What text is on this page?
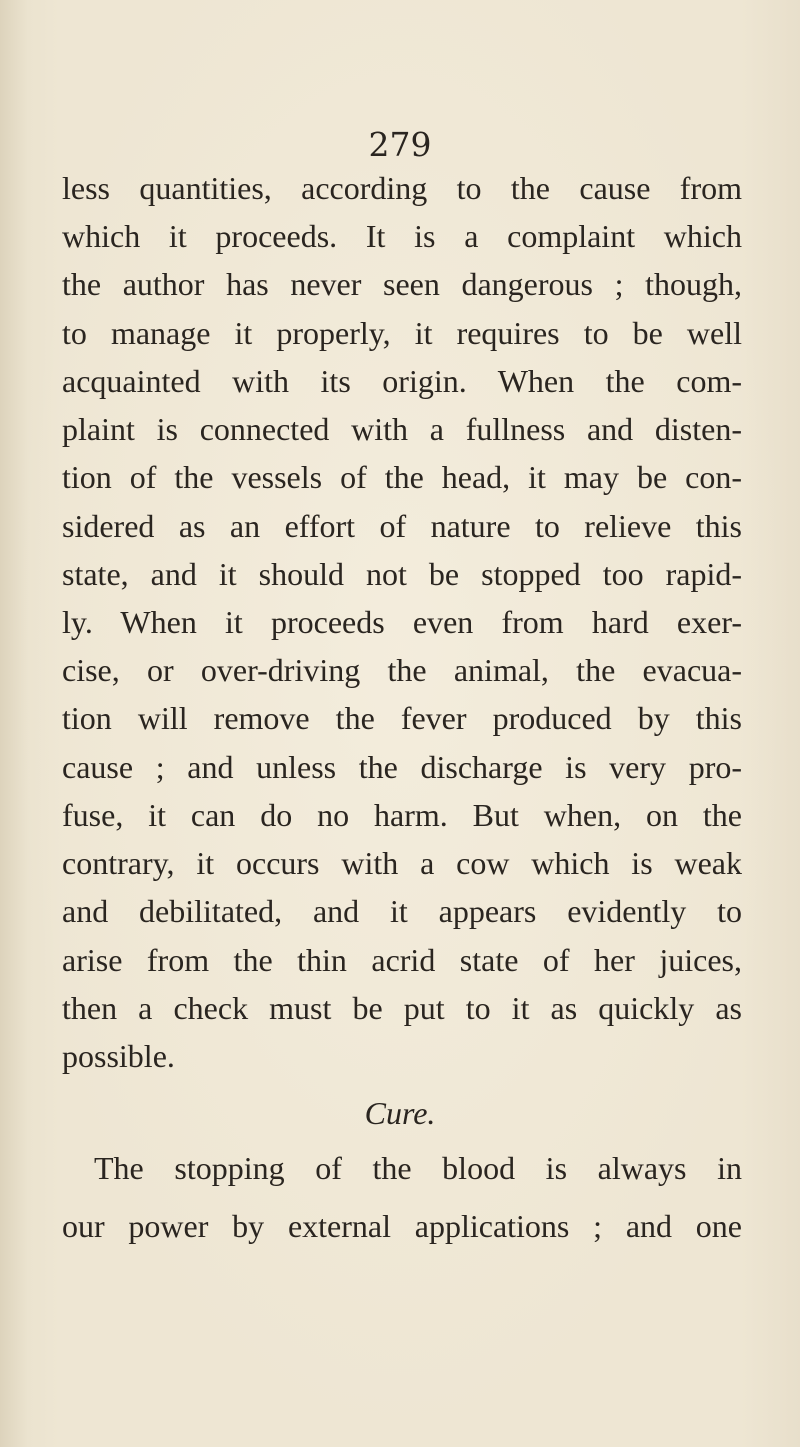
279
less quantities, according to the cause from
which it proceeds. It is a complaint which
the author has never seen dangerous ; though,
to manage it properly, it requires to be well
acquainted with its origin. When the com-
plaint is connected with a fullness and disten-
tion of the vessels of the head, it may be con-
sidered as an effort of nature to relieve this
state, and it should not be stopped too rapid-
ly. When it proceeds even from hard exer-
cise, or over-driving the animal, the evacua-
tion will remove the fever produced by this
cause ; and unless the discharge is very pro-
fuse, it can do no harm. But when, on the
contrary, it occurs with a cow which is weak
and debilitated, and it appears evidently to
arise from the thin acrid state of her juices,
then a check must be put to it as quickly as
possible.
Cure.
The stopping of the blood is always in
our power by external applications ; and one
